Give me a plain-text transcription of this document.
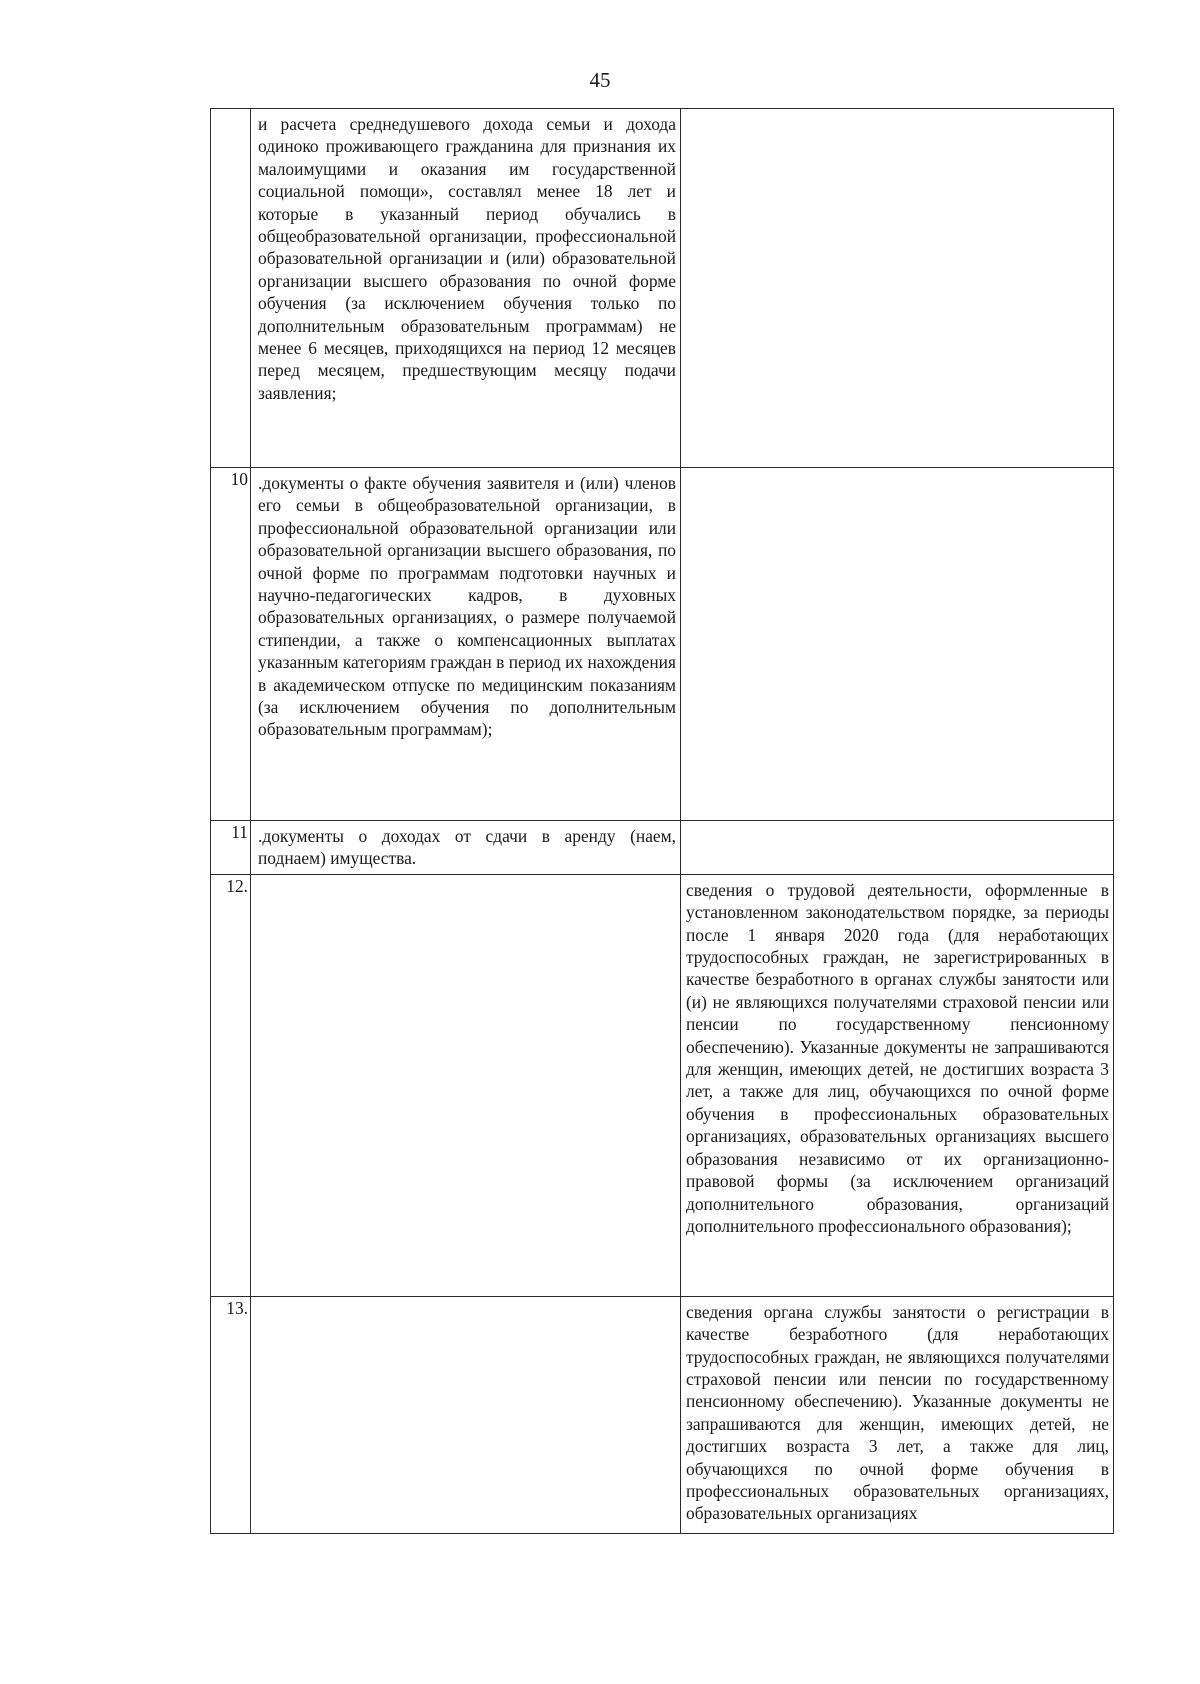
45

	и расчета среднедушевого дохода семьи и дохода одиноко проживающего гражданина для признания их малоимущими и оказания им государственной социальной помощи», составлял менее 18 лет и которые в указанный период обучались в общеобразовательной организации, профессиональной образовательной организации и (или) образовательной организации высшего образования по очной форме обучения (за исключением обучения только по дополнительным образовательным программам) не менее 6 месяцев, приходящихся на период 12 месяцев перед месяцем, предшествующим месяцу подачи заявления;	

10	.документы о факте обучения заявителя и (или) членов его семьи в общеобразовательной организации, в профессиональной образовательной организации или образовательной организации высшего образования, по очной форме по программам подготовки научных и научно-педагогических кадров, в духовных образовательных организациях, о размере получаемой стипендии, а также о компенсационных выплатах указанным категориям граждан в период их нахождения в академическом отпуске по медицинским показаниям (за исключением обучения по дополнительным образовательным программам);	

11	.документы о доходах от сдачи в аренду (наем, поднаем) имущества.	

12.		сведения о трудовой деятельности, оформленные в установленном законодательством порядке, за периоды после 1 января 2020 года (для неработающих трудоспособных граждан, не зарегистрированных в качестве безработного в органах службы занятости или (и) не являющихся получателями страховой пенсии или пенсии по государственному пенсионному обеспечению). Указанные документы не запрашиваются для женщин, имеющих детей, не достигших возраста 3 лет, а также для лиц, обучающихся по очной форме обучения в профессиональных образовательных организациях, образовательных организациях высшего образования независимо от их организационно-правовой формы (за исключением организаций дополнительного образования, организаций дополнительного профессионального образования);

13.		сведения органа службы занятости о регистрации в качестве безработного (для неработающих трудоспособных граждан, не являющихся получателями страховой пенсии или пенсии по государственному пенсионному обеспечению). Указанные документы не запрашиваются для женщин, имеющих детей, не достигших возраста 3 лет, а также для лиц, обучающихся по очной форме обучения в профессиональных образовательных организациях, образовательных организациях
